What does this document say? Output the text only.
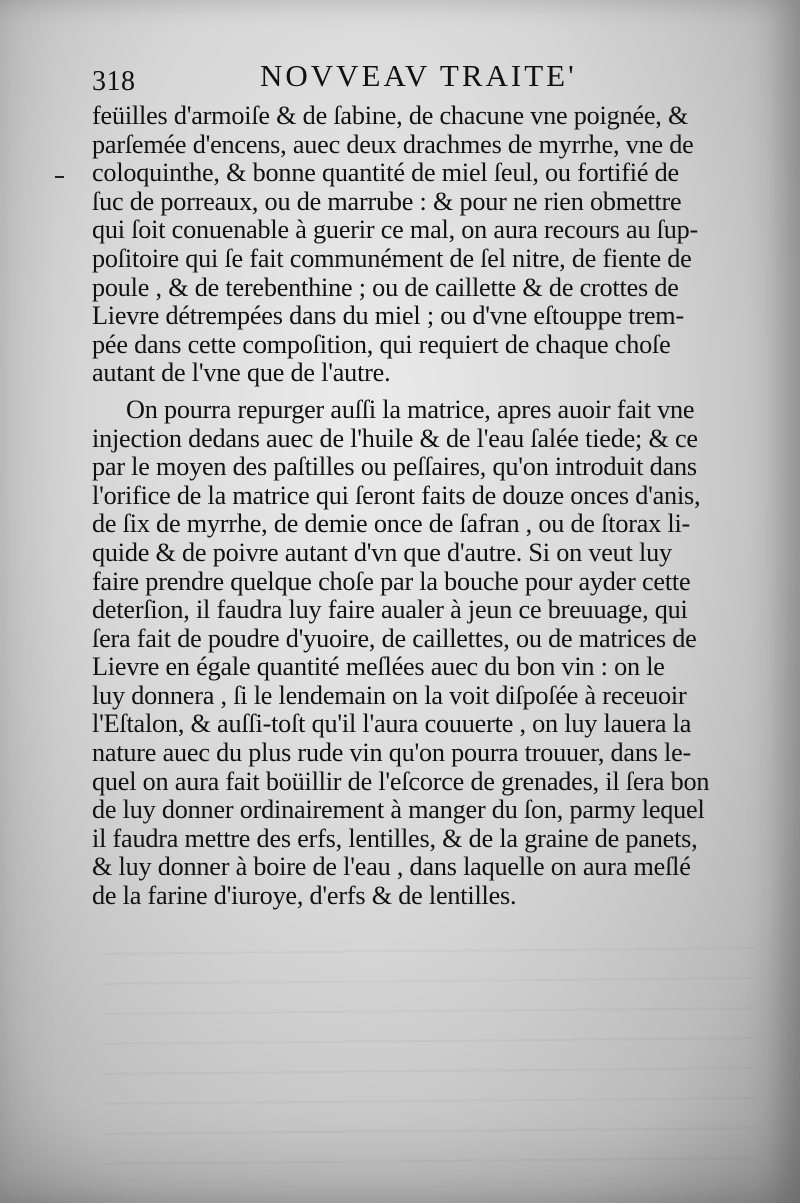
318	NOVVEAV TRAITE'
feüilles d'armoiſe & de ſabine, de chacune vne poignée, &
parſemée d'encens, auec deux drachmes de myrrhe, vne de
coloquinthe, & bonne quantité de miel ſeul, ou fortifié de
ſuc de porreaux, ou de marrube : & pour ne rien obmettre
qui ſoit conuenable à guerir ce mal, on aura recours au ſup-
poſitoire qui ſe fait communément de ſel nitre, de fiente de
poule , & de terebenthine ; ou de caillette & de crottes de
Lievre détrempées dans du miel ; ou d'vne eſtouppe trem-
pée dans cette compoſition, qui requiert de chaque choſe
autant de l'vne que de l'autre.
On pourra repurger auſſi la matrice, apres auoir fait vne
injection dedans auec de l'huile & de l'eau ſalée tiede; & ce
par le moyen des paſtilles ou peſſaires, qu'on introduit dans
l'orifice de la matrice qui ſeront faits de douze onces d'anis,
de ſix de myrrhe, de demie once de ſafran , ou de ſtorax li-
quide & de poivre autant d'vn que d'autre. Si on veut luy
faire prendre quelque choſe par la bouche pour ayder cette
deterſion, il faudra luy faire aualer à jeun ce breuuage, qui
ſera fait de poudre d'yuoire, de caillettes, ou de matrices de
Lievre en égale quantité meſlées auec du bon vin : on le
luy donnera , ſi le lendemain on la voit diſpoſée à receuoir
l'Eſtalon, & auſſi-toſt qu'il l'aura couuerte , on luy lauera la
nature auec du plus rude vin qu'on pourra trouuer, dans le-
quel on aura fait boüillir de l'eſcorce de grenades, il ſera bon
de luy donner ordinairement à manger du ſon, parmy lequel
il faudra mettre des erfs, lentilles, & de la graine de panets,
& luy donner à boire de l'eau , dans laquelle on aura meſlé
de la farine d'iuroye, d'erfs & de lentilles.
